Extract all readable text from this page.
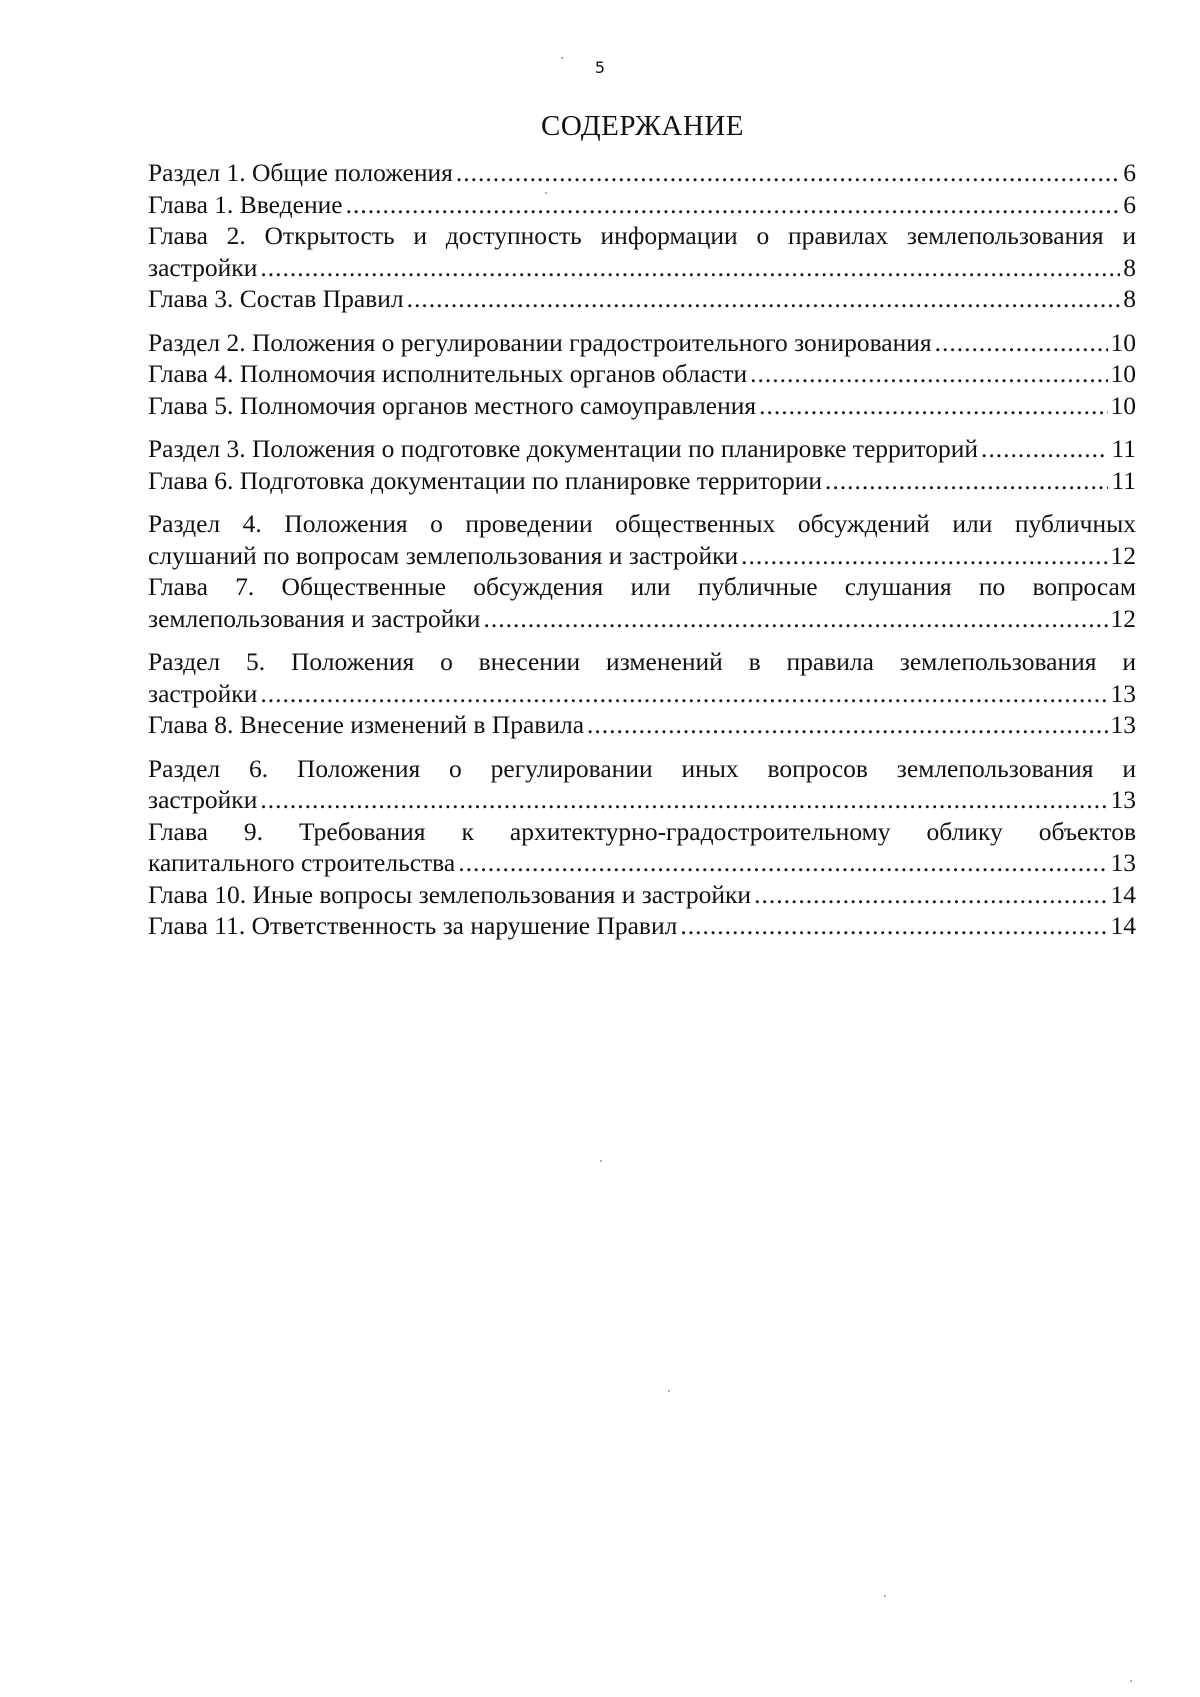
5
СОДЕРЖАНИЕ
Раздел 1. Общие положения .....	6
Глава 1. Введение .....	6
Глава 2. Открытость и доступность информации о правилах землепользования и
застройки .....	8
Глава 3. Состав Правил .....	8
Раздел 2. Положения о регулировании градостроительного зонирования .....	10
Глава 4. Полномочия исполнительных органов области .....	10
Глава 5. Полномочия органов местного самоуправления .....	10
Раздел 3. Положения о подготовке документации по планировке территорий .....	11
Глава 6. Подготовка документации по планировке территории .....	11
Раздел 4. Положения о проведении общественных обсуждений или публичных
слушаний по вопросам землепользования и застройки .....	12
Глава 7. Общественные обсуждения или публичные слушания по вопросам
землепользования и застройки .....	12
Раздел 5. Положения о внесении изменений в правила землепользования и
застройки .....	13
Глава 8. Внесение изменений в Правила .....	13
Раздел 6. Положения о регулировании иных вопросов землепользования и
застройки .....	13
Глава 9. Требования к архитектурно-градостроительному облику объектов
капитального строительства .....	13
Глава 10. Иные вопросы землепользования и застройки .....	14
Глава 11. Ответственность за нарушение Правил .....	14
